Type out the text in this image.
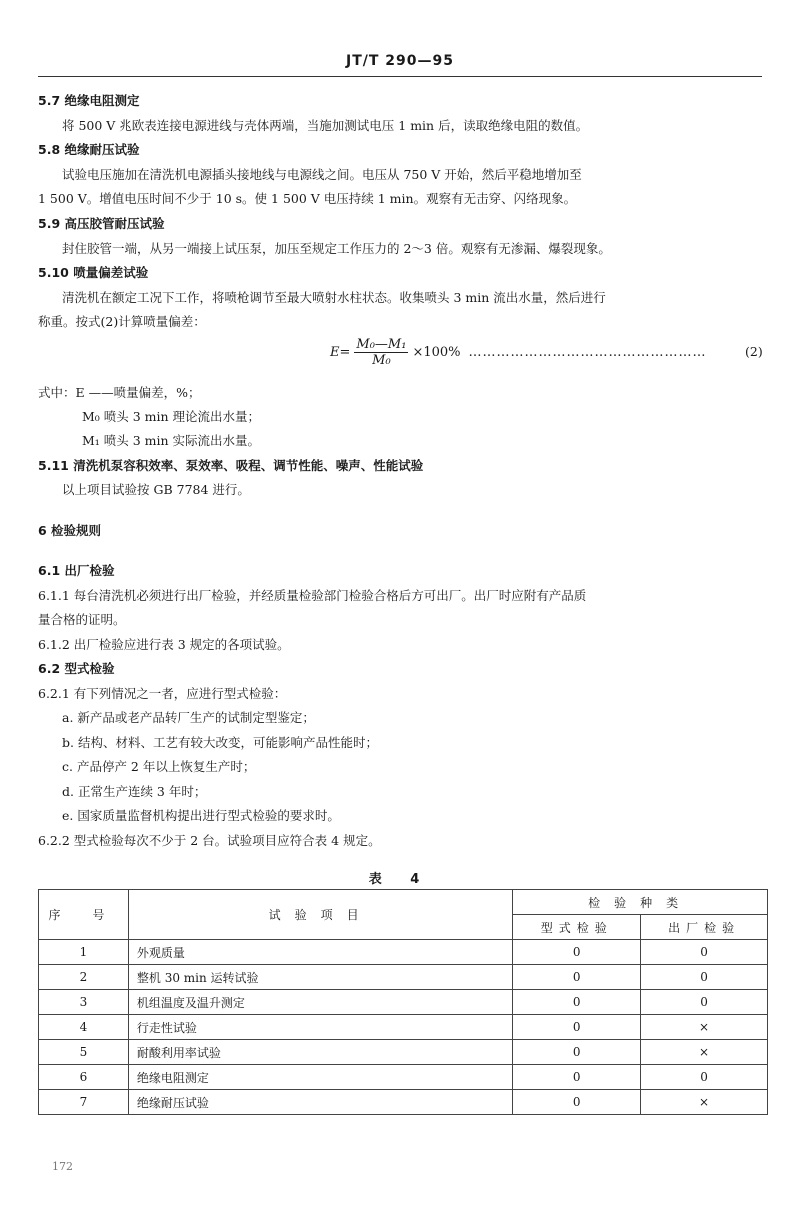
JT/T 290—95
5.7 绝缘电阻测定
将 500 V 兆欧表连接电源进线与壳体两端，当施加测试电压 1 min 后，读取绝缘电阻的数值。
5.8 绝缘耐压试验
试验电压施加在清洗机电源插头接地线与电源线之间。电压从 750 V 开始，然后平稳地增加至
1 500 V。增值电压时间不少于 10 s。使 1 500 V 电压持续 1 min。观察有无击穿、闪络现象。
5.9 高压胶管耐压试验
封住胶管一端，从另一端接上试压泵，加压至规定工作压力的 2～3 倍。观察有无渗漏、爆裂现象。
5.10 喷量偏差试验
清洗机在额定工况下工作，将喷枪调节至最大喷射水柱状态。收集喷头 3 min 流出水量，然后进行
称重。按式(2)计算喷量偏差：
$E= \frac{\text{M₀—M₁}}{\text{M₀}} \times 100\%$ ……………………………………………	(2)
式中：E ——喷量偏差，%；
M₀ 喷头 3 min 理论流出水量；
M₁ 喷头 3 min 实际流出水量。
5.11 清洗机泵容积效率、泵效率、吸程、调节性能、噪声、性能试验
以上项目试验按 GB 7784 进行。
6 检验规则
6.1 出厂检验
6.1.1 每台清洗机必须进行出厂检验，并经质量检验部门检验合格后方可出厂。出厂时应附有产品质
量合格的证明。
6.1.2 出厂检验应进行表 3 规定的各项试验。
6.2 型式检验
6.2.1 有下列情况之一者，应进行型式检验：
a. 新产品或老产品转厂生产的试制定型鉴定；
b. 结构、材料、工艺有较大改变，可能影响产品性能时；
c. 产品停产 2 年以上恢复生产时；
d. 正常生产连续 3 年时；
e. 国家质量监督机构提出进行型式检验的要求时。
6.2.2 型式检验每次不少于 2 台。试验项目应符合表 4 规定。
表 4
序 号	试验项目	检验种类	
		型式检验	出厂检验
1	外观质量	0	0
2	整机 30 min 运转试验	0	0
3	机组温度及温升测定	0	0
4	行走性试验	0	×
5	耐酸利用率试验	0	×
6	绝缘电阻测定	0	0
7	绝缘耐压试验	0	×
172
